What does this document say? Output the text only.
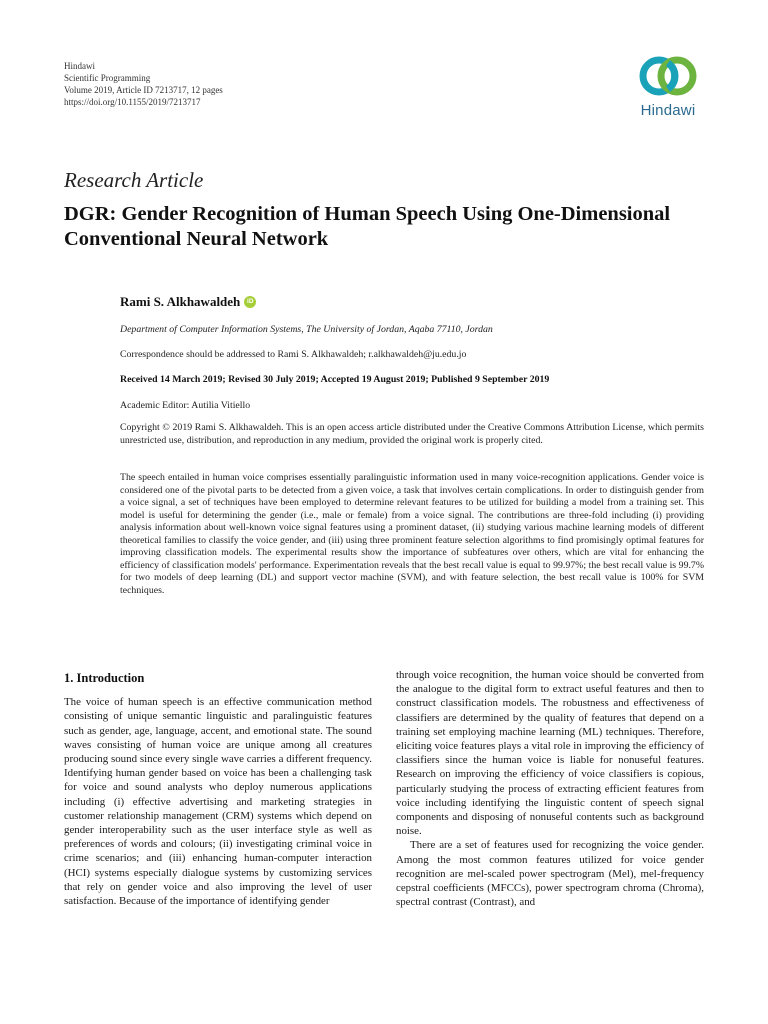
Hindawi
Scientific Programming
Volume 2019, Article ID 7213717, 12 pages
https://doi.org/10.1155/2019/7213717	Hindawi
Research Article
DGR: Gender Recognition of Human Speech Using One-Dimensional Conventional Neural Network
Rami S. Alkhawaldeh	iD
Department of Computer Information Systems, The University of Jordan, Aqaba 77110, Jordan
Correspondence should be addressed to Rami S. Alkhawaldeh; r.alkhawaldeh@ju.edu.jo
Received 14 March 2019; Revised 30 July 2019; Accepted 19 August 2019; Published 9 September 2019
Academic Editor: Autilia Vitiello
Copyright © 2019 Rami S. Alkhawaldeh. This is an open access article distributed under the Creative Commons Attribution License, which permits unrestricted use, distribution, and reproduction in any medium, provided the original work is properly cited.
The speech entailed in human voice comprises essentially paralinguistic information used in many voice-recognition applications. Gender voice is considered one of the pivotal parts to be detected from a given voice, a task that involves certain complications. In order to distinguish gender from a voice signal, a set of techniques have been employed to determine relevant features to be utilized for building a model from a training set. This model is useful for determining the gender (i.e., male or female) from a voice signal. The contributions are three-fold including (i) providing analysis information about well-known voice signal features using a prominent dataset, (ii) studying various machine learning models of different theoretical families to classify the voice gender, and (iii) using three prominent feature selection algorithms to find promisingly optimal features for improving classification models. The experimental results show the importance of subfeatures over others, which are vital for enhancing the efficiency of classification models' performance. Experimentation reveals that the best recall value is equal to 99.97%; the best recall value is 99.7% for two models of deep learning (DL) and support vector machine (SVM), and with feature selection, the best recall value is 100% for SVM techniques.
1. Introduction

The voice of human speech is an effective communication method consisting of unique semantic linguistic and paralinguistic features such as gender, age, language, accent, and emotional state. The sound waves consisting of human voice are unique among all creatures producing sound since every single wave carries a different frequency. Identifying human gender based on voice has been a challenging task for voice and sound analysts who deploy numerous applications including (i) effective advertising and marketing strategies in customer relationship management (CRM) systems which depend on gender interoperability such as the user interface style as well as preferences of words and colours; (ii) investigating criminal voice in crime scenarios; and (iii) enhancing human-computer interaction (HCI) systems especially dialogue systems by customizing services that rely on gender voice and also improving the level of user satisfaction. Because of the importance of identifying gender

through voice recognition, the human voice should be converted from the analogue to the digital form to extract useful features and then to construct classification models. The robustness and effectiveness of classifiers are determined by the quality of features that depend on a training set employing machine learning (ML) techniques. Therefore, eliciting voice features plays a vital role in improving the efficiency of classifiers since the human voice is liable for nonuseful features. Research on improving the efficiency of voice classifiers is copious, particularly studying the process of extracting efficient features from voice including identifying the linguistic content of speech signal components and disposing of nonuseful contents such as background noise.

There are a set of features used for recognizing the voice gender. Among the most common features utilized for voice gender recognition are mel-scaled power spectrogram (Mel), mel-frequency cepstral coefficients (MFCCs), power spectrogram chroma (Chroma), spectral contrast (Contrast), and
